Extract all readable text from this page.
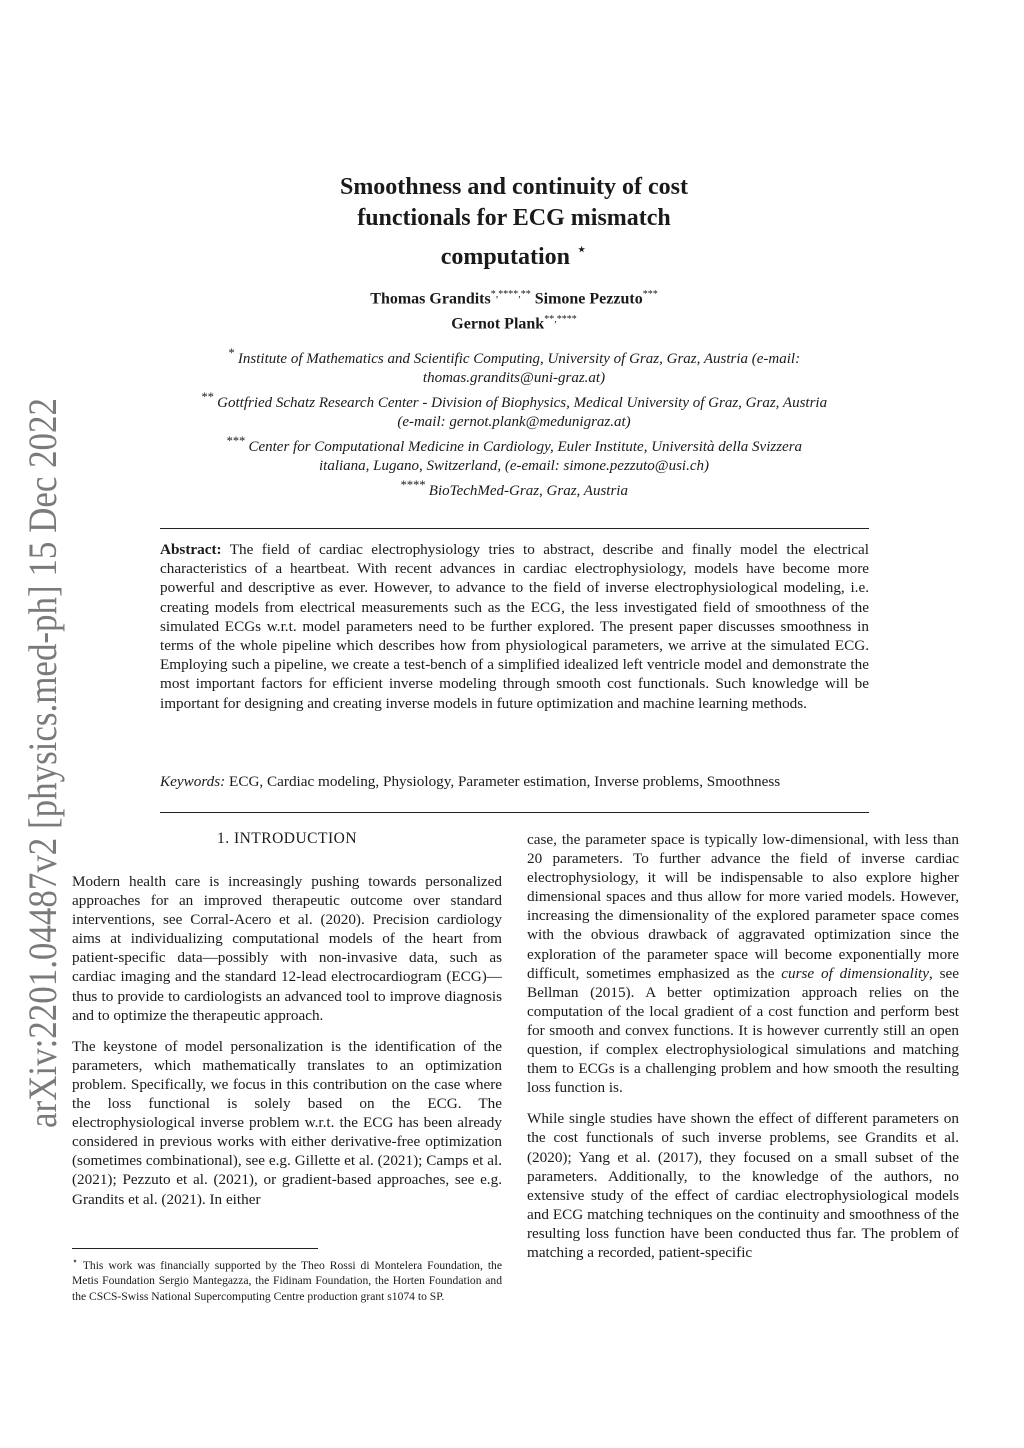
arXiv:2201.04487v2 [physics.med-ph] 15 Dec 2022
Smoothness and continuity of cost
functionals for ECG mismatch
computation ⋆
Thomas Grandits*,****,** Simone Pezzuto***
Gernot Plank**,****

* Institute of Mathematics and Scientific Computing, University of Graz, Graz, Austria (e-mail: thomas.grandits@uni-graz.at)

** Gottfried Schatz Research Center - Division of Biophysics, Medical University of Graz, Graz, Austria (e-mail: gernot.plank@medunigraz.at)

*** Center for Computational Medicine in Cardiology, Euler Institute, Università della Svizzera italiana, Lugano, Switzerland, (e-email: simone.pezzuto@usi.ch)

**** BioTechMed-Graz, Graz, Austria

Abstract: The field of cardiac electrophysiology tries to abstract, describe and finally model the electrical characteristics of a heartbeat. With recent advances in cardiac electrophysiology, models have become more powerful and descriptive as ever. However, to advance to the field of inverse electrophysiological modeling, i.e. creating models from electrical measurements such as the ECG, the less investigated field of smoothness of the simulated ECGs w.r.t. model parameters need to be further explored. The present paper discusses smoothness in terms of the whole pipeline which describes how from physiological parameters, we arrive at the simulated ECG. Employing such a pipeline, we create a test-bench of a simplified idealized left ventricle model and demonstrate the most important factors for efficient inverse modeling through smooth cost functionals. Such knowledge will be important for designing and creating inverse models in future optimization and machine learning methods.
Keywords: ECG, Cardiac modeling, Physiology, Parameter estimation, Inverse problems, Smoothness
1. INTRODUCTION

Modern health care is increasingly pushing towards personalized approaches for an improved therapeutic outcome over standard interventions, see Corral-Acero et al. (2020). Precision cardiology aims at individualizing computational models of the heart from patient-specific data—possibly with non-invasive data, such as cardiac imaging and the standard 12-lead electrocardiogram (ECG)—thus to provide to cardiologists an advanced tool to improve diagnosis and to optimize the therapeutic approach.

The keystone of model personalization is the identification of the parameters, which mathematically translates to an optimization problem. Specifically, we focus in this contribution on the case where the loss functional is solely based on the ECG. The electrophysiological inverse problem w.r.t. the ECG has been already considered in previous works with either derivative-free optimization (sometimes combinational), see e.g. Gillette et al. (2021); Camps et al. (2021); Pezzuto et al. (2021), or gradient-based approaches, see e.g. Grandits et al. (2021). In either

⋆ This work was financially supported by the Theo Rossi di Montelera Foundation, the Metis Foundation Sergio Mantegazza, the Fidinam Foundation, the Horten Foundation and the CSCS-Swiss National Supercomputing Centre production grant s1074 to SP.

case, the parameter space is typically low-dimensional, with less than 20 parameters. To further advance the field of inverse cardiac electrophysiology, it will be indispensable to also explore higher dimensional spaces and thus allow for more varied models. However, increasing the dimensionality of the explored parameter space comes with the obvious drawback of aggravated optimization since the exploration of the parameter space will become exponentially more difficult, sometimes emphasized as the curse of dimensionality, see Bellman (2015). A better optimization approach relies on the computation of the local gradient of a cost function and perform best for smooth and convex functions. It is however currently still an open question, if complex electrophysiological simulations and matching them to ECGs is a challenging problem and how smooth the resulting loss function is.

While single studies have shown the effect of different parameters on the cost functionals of such inverse problems, see Grandits et al. (2020); Yang et al. (2017), they focused on a small subset of the parameters. Additionally, to the knowledge of the authors, no extensive study of the effect of cardiac electrophysiological models and ECG matching techniques on the continuity and smoothness of the resulting loss function have been conducted thus far. The problem of matching a recorded, patient-specific
